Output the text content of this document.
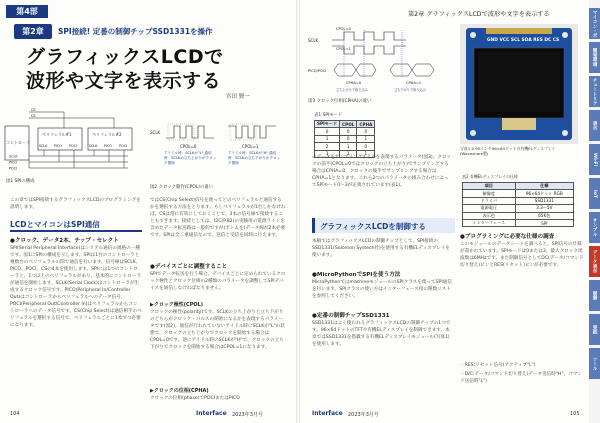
第4部
第2章	SPI接続! 定番の制御チップSSD1331を操作
グラフィックスLCDで
波形や文字を表示する
宮田 賢一
コントローラ
ペリフェラル#1	ペリフェラル#2
SCLK PICO POCI	SCLK PICO POCI
CS
CS
SCLK
PICO
POCI
図1 SPIの構成
SCLK
CPOL=0	CPOL=1
アイドル時：SCLKが"L" 通信時：SCLKの立ち上がりがクロック開始
アイドル時：SCLKが"H" 通信時：SCLKの立ち下がりがクロック開始
図2 クロック動作(CPOL)の違い
この章ではSPI接続するグラフィックスLCDのプログラミングを説明します。
LCDとマイコンはSPI通信
●クロック、データ2本、チップ・セレクト
SPI(Serial Peripheral Interface)はシリアル通信の規格の一種です。図1にSPIの構成を示します。SPIは1台のコントローラと複数台のペリフェラルの間で通信を行います。信号線はSCLK、PICO、POCI、CSの4本を使用します。SPIには1つのコントローラと、1つ以上のペリフェラルがあり、基本的にコントローラが通信を開始します。SCLK(Serial Clock)はコントローラが生成するクロック信号です。PICO(Peripheral In/Controller Out)はコントローラからペリフェラルへのデータ信号、POCI(Peripheral Out/Controller In)はペリフェラルからコントローラへのデータ信号です。CS(Chip Select)は通信相手のペリフェラルを選択する信号で、ペリフェラルごとに1本ずつ必要になります。
ではCS(Chip Select)信号を使ってどのペリフェラルと通信するかを選択する方法をとります。もしペリフェラルが1台しかなければ、CSは常に有効にしておくことで、3本の信号線で接続することもできます。接続としては、I2C(P.82)の実験用の電源ラインを含めたデータ転送路は一般的ですが(ボトムを)データ線が2本必要です。SPIは全二重通信なので、送信と受信を同時に行えます。
●デバイスごとに調整すること
SPIでデータ転送を行う場合、デバイスごとに定められているクロック極性とクロック位相の2種類のパラメータを調整してSPIデバイスを通信しなければなりません。
▶クロック極性(CPOL)
クロックの極性(polarity)です。SCLKの立ち上がりと立ち下がりのどちらがクロック・パルスの開始になるかを表現するパラメータです(図2)。通信が行われていないアイドル時にSCLKが"L"の状態で、クロックの立ち上がりでクロックを開始する場合はCPOL=0です。逆にアイドル時のSCLKが"H"で、クロックの立ち下がりでクロックを開始する場合はCPOL=1になります。
▶クロックの位相(CPHA)
クロックの位相(phase)でPOCIまたはPICO
104	Interface 2023年3月号
第2章 グラフィックスLCDで波形や文字を表示する
SCLK
CPOL=0
CPOL=1
PICO/POCI
CPHA=0	CPHA=1
立ち上がりで取り込み	立ち下がりで取り込み
図3 クロック位相(CPHA)の違い
表1 SPIモード
SPIモード	CPOL	CPHA
0	0	0
1	0	1
2	1	0
3	1	1
GND VCC SCL SDA RES DC CS
写真1 0.95インチ96×64ドットの有機ELディスプレイ(Waveshare製)
表2 有機ELディスプレイの仕様
項目	仕様
解像度	96×64ドット RGB
ドライバ	SSD1331
電源電圧	3.3～5V
表示色	65K色
インターフェース	SPI
のデータをサンプリングするかを表現するパラメータ(図3)。クロックの前半(CPOL=0ではクロックの立ち上がり)でサンプリングする場合はCPHA=0、クロックの後半でサンプリングする場合はCPHA=1となります。これら2つのパラメータの組み合わせによってSPIモード0〜3が定義されています(表1)。
グラフィックスLCDを制御する
本稿ではグラフィックスLCDの制御チップとして、SPI接続のSSD1331(Solomon Systech社)を使用する有機ELディスプレイを使います。
●MicroPythonでSPIを使う方法
MicroPythonではmachineモジュールのSPIクラスを使ってSPI通信を行います。SPIクラスの使い方はインターフェース用の関数リストを参照してください。
●定番の制御チップSSD1331
SSD1331はよく使われるグラフィックスLCDの制御チップの1つです。96×64ドットのTFTや有機ELディスプレイを制御できます。本章ではSSD1331を搭載する有機ELディスプレイモジュール(写真1)を使用します。
●プログラミングに必要な仕様の調査
このモジュールのデータシートを調べると、SPI信号の仕様が書かれています。SPIモードは0または3、最大クロック周波数は6MHzです。また制御信号としてDC(データ/コマンド切り替え)ピンとRES(リセット)ピンが必要です。
・RES:リセット信号(アクティブ"L")
・D/C:データ/コマンド切り替え(データ送信時"H"、コマンド送信時"L")
Interface 2023年3月号	105
マイコン・ボード
開発環境
チュートリアル
表示
Wi-Fi
IoT
サンプル
データ表示
制御
実践
ツール
